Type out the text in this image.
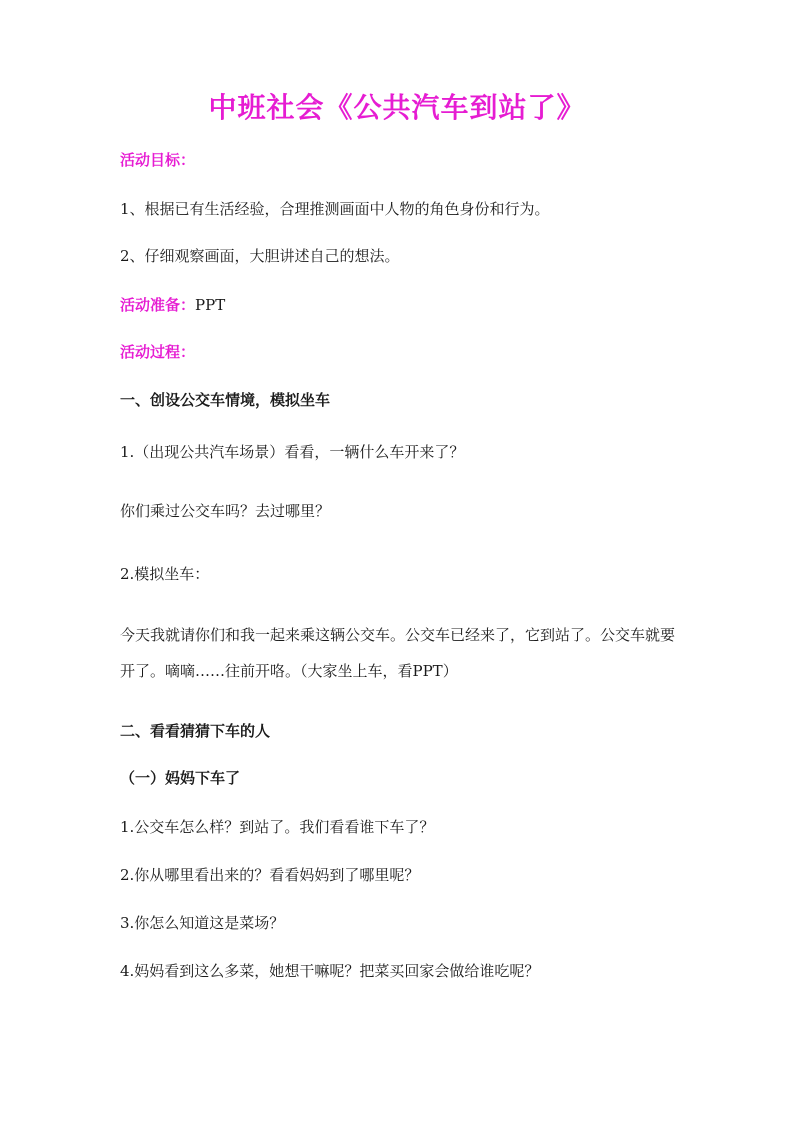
中班社会《公共汽车到站了》

活动目标：

1、根据已有生活经验，合理推测画面中人物的角色身份和行为。

2、仔细观察画面，大胆讲述自己的想法。

活动准备：PPT

活动过程：

一、创设公交车情境，模拟坐车

1.（出现公共汽车场景）看看，一辆什么车开来了？

你们乘过公交车吗？去过哪里？

2.模拟坐车：

今天我就请你们和我一起来乘这辆公交车。公交车已经来了，它到站了。公交车就要开了。嘀嘀……往前开咯。（大家坐上车，看PPT）

二、看看猜猜下车的人

（一）妈妈下车了

1.公交车怎么样？到站了。我们看看谁下车了？

2.你从哪里看出来的？看看妈妈到了哪里呢？

3.你怎么知道这是菜场？

4.妈妈看到这么多菜，她想干嘛呢？把菜买回家会做给谁吃呢？
